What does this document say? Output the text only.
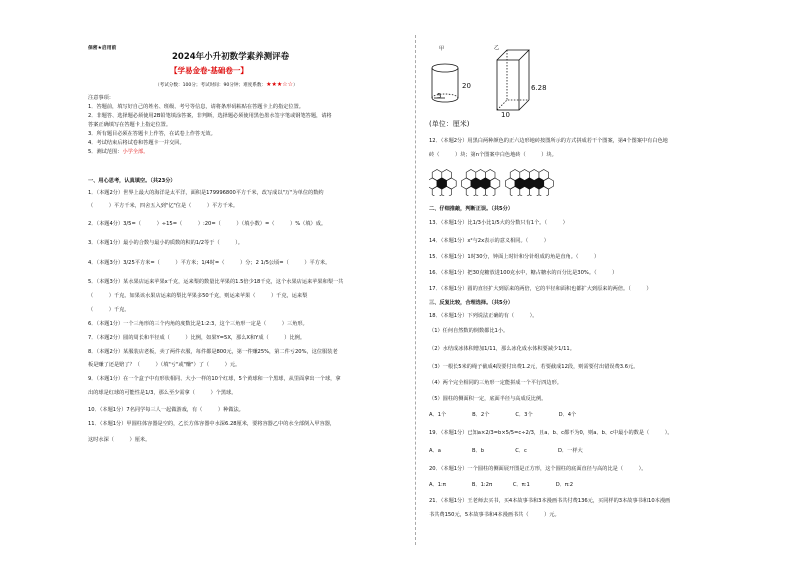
保密★启用前
2024年小升初数学素养测评卷
【学易金卷·基础卷一】
（考试分数：100分；考试时间：90分钟；难度系数：★★★☆☆）
注意事项：
1．答题前，填写好自己的姓名、班级、考号等信息，请将条形码粘贴在答题卡上的指定位置。
2．非题答、选择题必须使用2B铅笔填涂答案，非判断，选择题必须使用黑色墨水签字笔或钢笔答题，请将
答案正确填写在答题卡上指定位置。
3．所有题目必须在答题卡上作答，在试卷上作答无效。
4．考试结束后将试卷和答题卡一并交回。
5．测试范围：小学全部。
一、用心思考，认真填空。（共23分）
1．（本题2分）世界上最大的海洋是太平洋，面积是179996800平方千米，改写成以"万"为单位的数约
（　　　）平方千米，四舍五入到"亿"位是（　　　）平方千米。
2．（本题4分）3/5=（　　　）÷15=（　　　）:20=（　　　）（填小数）=（　　　）%（填）成。
3．（本题1分）最小的合数与最小的质数的积的1/2等于（　　　）。
4．（本题3分）3/25平方米=（　　　）平方米；1/4时=（　　　）分；2 1/5公顷=（　　　）平方米。
5．（本题3分）某水果店运来苹果x千克，运来梨的数量比苹果的1.5倍少18千克，这个水果店运来苹果和梨一共
（　　　）千克。如果该水果店运来的梨比苹果多50千克，则运来苹果（　　　）千克，运来梨
（　　　）千克。
6．（本题1分）一个三角形的三个内角的度数比是1:2:3，这个三角形一定是（　　　）三角形。
7．（本题2分）圆的周长和半径成（　　　）比例，如果Y=5X，那么X和Y成（　　　）比例。
8．（本题2分）某服装店老板，卖了两件衣服，每件都是800元，第一件赚25%，第二件亏20%，这位服装老
板是赚了还是赔了？（　　　）（填"亏"或"赚"）了（　　　）元。
9．（本题1分）在一个盒子中有形状相同、大小一样的10个红球，5个黄球和一个黑球，从里面拿出一个球，拿
出的球是红球的可能性是1/3，那么至少需拿（　　　）个黑球。
10．（本题1分）7名同学每三人一起做游戏，有（　　　）种做法。
11．（本题1分）甲圆柱体容器是空的，乙长方体容器中水深6.28厘米，要将容器乙中的水全部倒入甲容器，
这时水深（　　　）厘米。
甲	乙
20
5
6.28
10
(单位：厘米)
12．（本题2分）用黑白两种颜色的正六边形地砖按图所示的方式拼成若干个图案，第4个图案中有白色地
砖（　　　）块；第n个图案中白色地砖（　　　）块。
二、仔细推敲，判断正误。（共5分）
13．（本题1分）比1/3小比1/5大的分数只有1个。（　　　）
14．（本题1分）x²与2x表示的意义相同。（　　　）
15．（本题1分）1时30分，钟面上时针和分针组成的角是直角。（　　　）
16．（本题1分）把30克糖放进100克水中，糖占糖水的百分比是30%。（　　　）
17．（本题1分）圆的直径扩大到原来的两倍，它的半径和面积也都扩大到原来的两倍。（　　　）
三、反复比较，合理选择。（共5分）
18．（本题1分）下列说法正确的有（　　　）。
（1）任何自然数的倒数都比1小。
（2）水结成冰体积增加1/11，那么冰化成水体积要减少1/11。
（3）一根长5米的绳子截成4段要付出费1.2元，若要截成12段，则需要付出错误费3.6元。
（4）两个完全相同的三角形一定能拼成一个平行四边形。
（5）圆柱的侧面积一定，底面半径与高成反比例。
A．1个　　　　　B．2个　　　　　C．3个　　　　　D．4个
19．（本题1分）已知a×2/3=b×5/5=c÷2/3，且a、b、c都不为0，则a、b、c中最小的数是（　　　）。
A．a　　　　　　B．b　　　　　　C．c　　　　　　D．一样大
20．（本题1分）一个圆柱的侧面展开图是正方形，这个圆柱的底面直径与高的比是（　　　）。
A．1:π　　　　　B．1:2π　　　　C．π:1　　　　　D．π:2
21．（本题1分）王老师去买书，买4本故事书和3本漫画书共付费136元，买同样的3本故事书和10本漫画
书共费150元，5本故事书和4本漫画书共（　　　）元。
